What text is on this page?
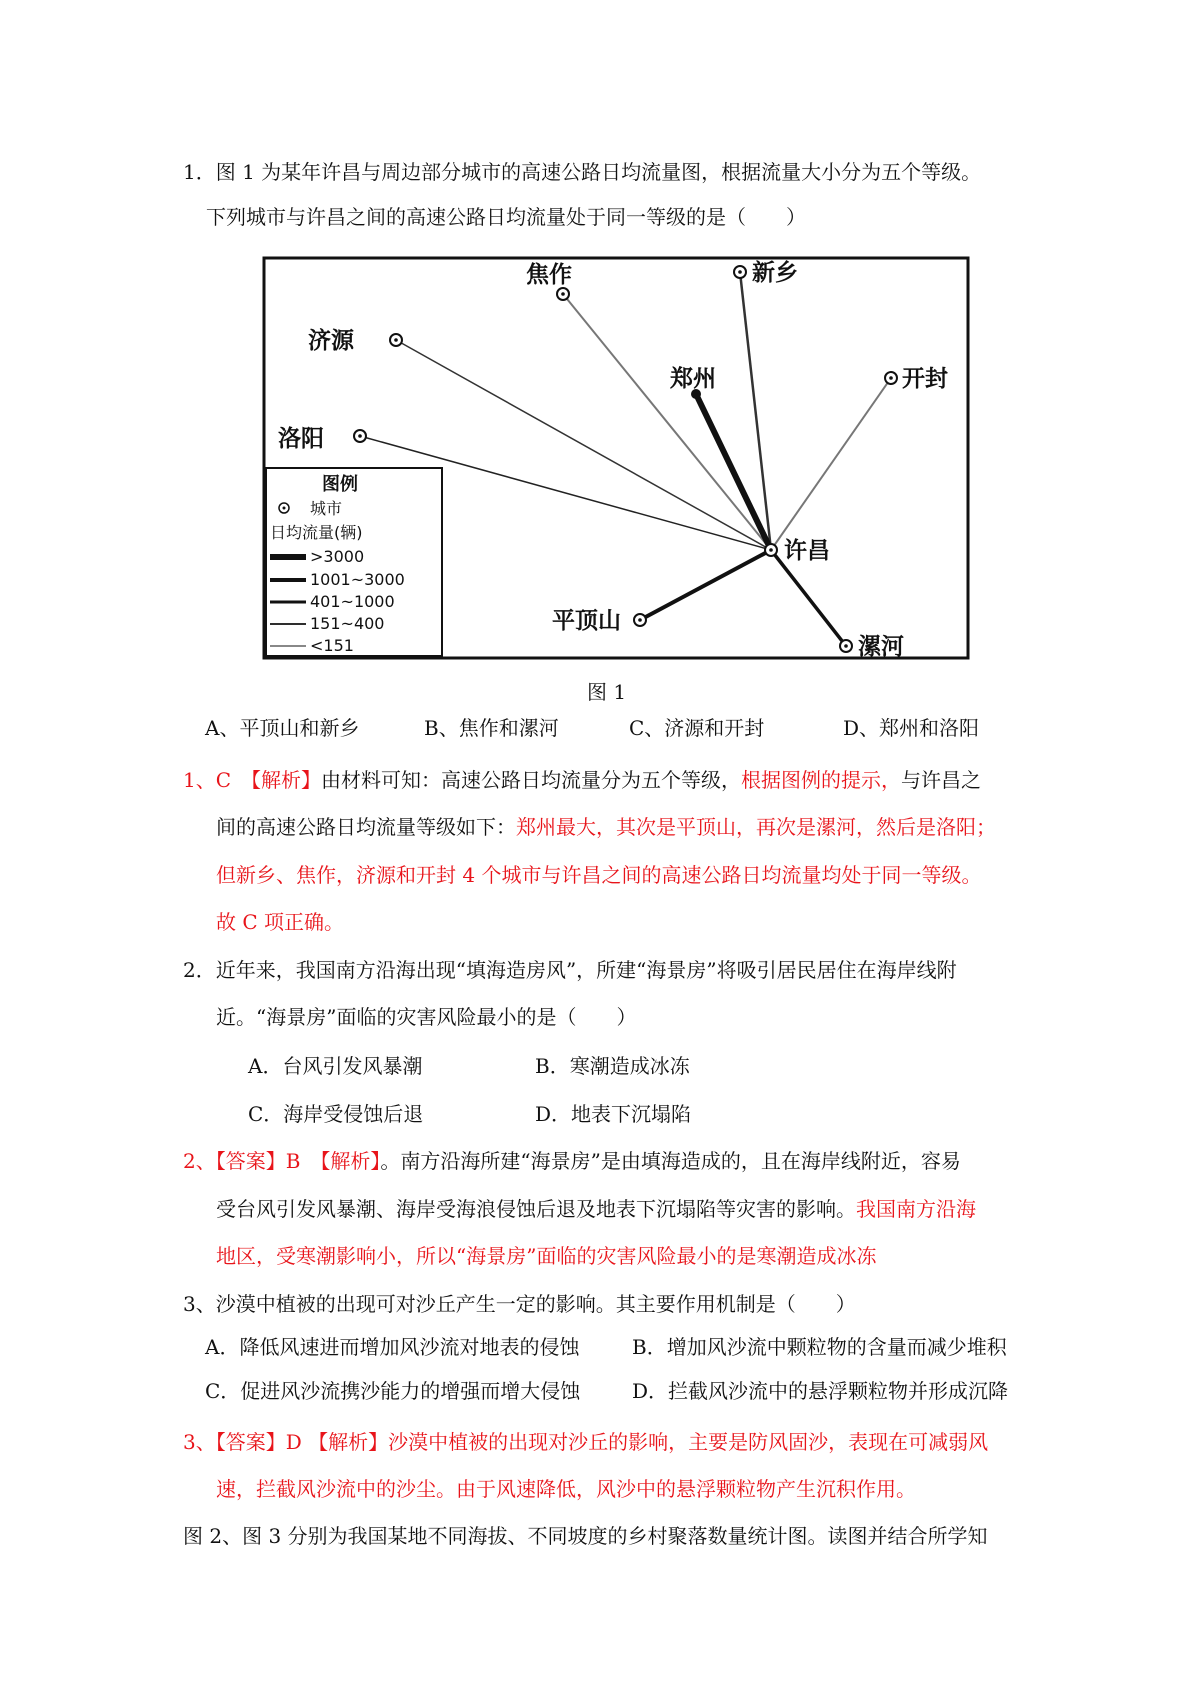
1．图 1 为某年许昌与周边部分城市的高速公路日均流量图，根据流量大小分为五个等级。
下列城市与许昌之间的高速公路日均流量处于同一等级的是（　　）
焦作	新乡
济源
开封
郑州
洛阳
平顶山
漯河
许昌
图例
城市
日均流量(辆)
>3000
1001~3000
401~1000
151~400
<151
图 1
A、平顶山和新乡	B、焦作和漯河	C、济源和开封	D、郑州和洛阳
1、C　【解析】由材料可知：高速公路日均流量分为五个等级，根据图例的提示，与许昌之
间的高速公路日均流量等级如下：郑州最大，其次是平顶山，再次是漯河，然后是洛阳；
但新乡、焦作，济源和开封 4 个城市与许昌之间的高速公路日均流量均处于同一等级。
故 C 项正确。
2．近年来，我国南方沿海出现“填海造房风”，所建“海景房”将吸引居民居住在海岸线附
近。“海景房”面临的灾害风险最小的是（　　）
A．台风引发风暴潮	B．寒潮造成冰冻
C．海岸受侵蚀后退	D．地表下沉塌陷
2、【答案】B　【解析】。南方沿海所建“海景房”是由填海造成的，且在海岸线附近，容易
受台风引发风暴潮、海岸受海浪侵蚀后退及地表下沉塌陷等灾害的影响。我国南方沿海
地区，受寒潮影响小，所以“海景房”面临的灾害风险最小的是寒潮造成冰冻
3、沙漠中植被的出现可对沙丘产生一定的影响。其主要作用机制是（　　）
A．降低风速进而增加风沙流对地表的侵蚀	B．增加风沙流中颗粒物的含量而减少堆积
C．促进风沙流携沙能力的增强而增大侵蚀	D．拦截风沙流中的悬浮颗粒物并形成沉降
3、【答案】D 【解析】沙漠中植被的出现对沙丘的影响，主要是防风固沙，表现在可减弱风
速，拦截风沙流中的沙尘。由于风速降低，风沙中的悬浮颗粒物产生沉积作用。
图 2、图 3 分别为我国某地不同海拔、不同坡度的乡村聚落数量统计图。读图并结合所学知
